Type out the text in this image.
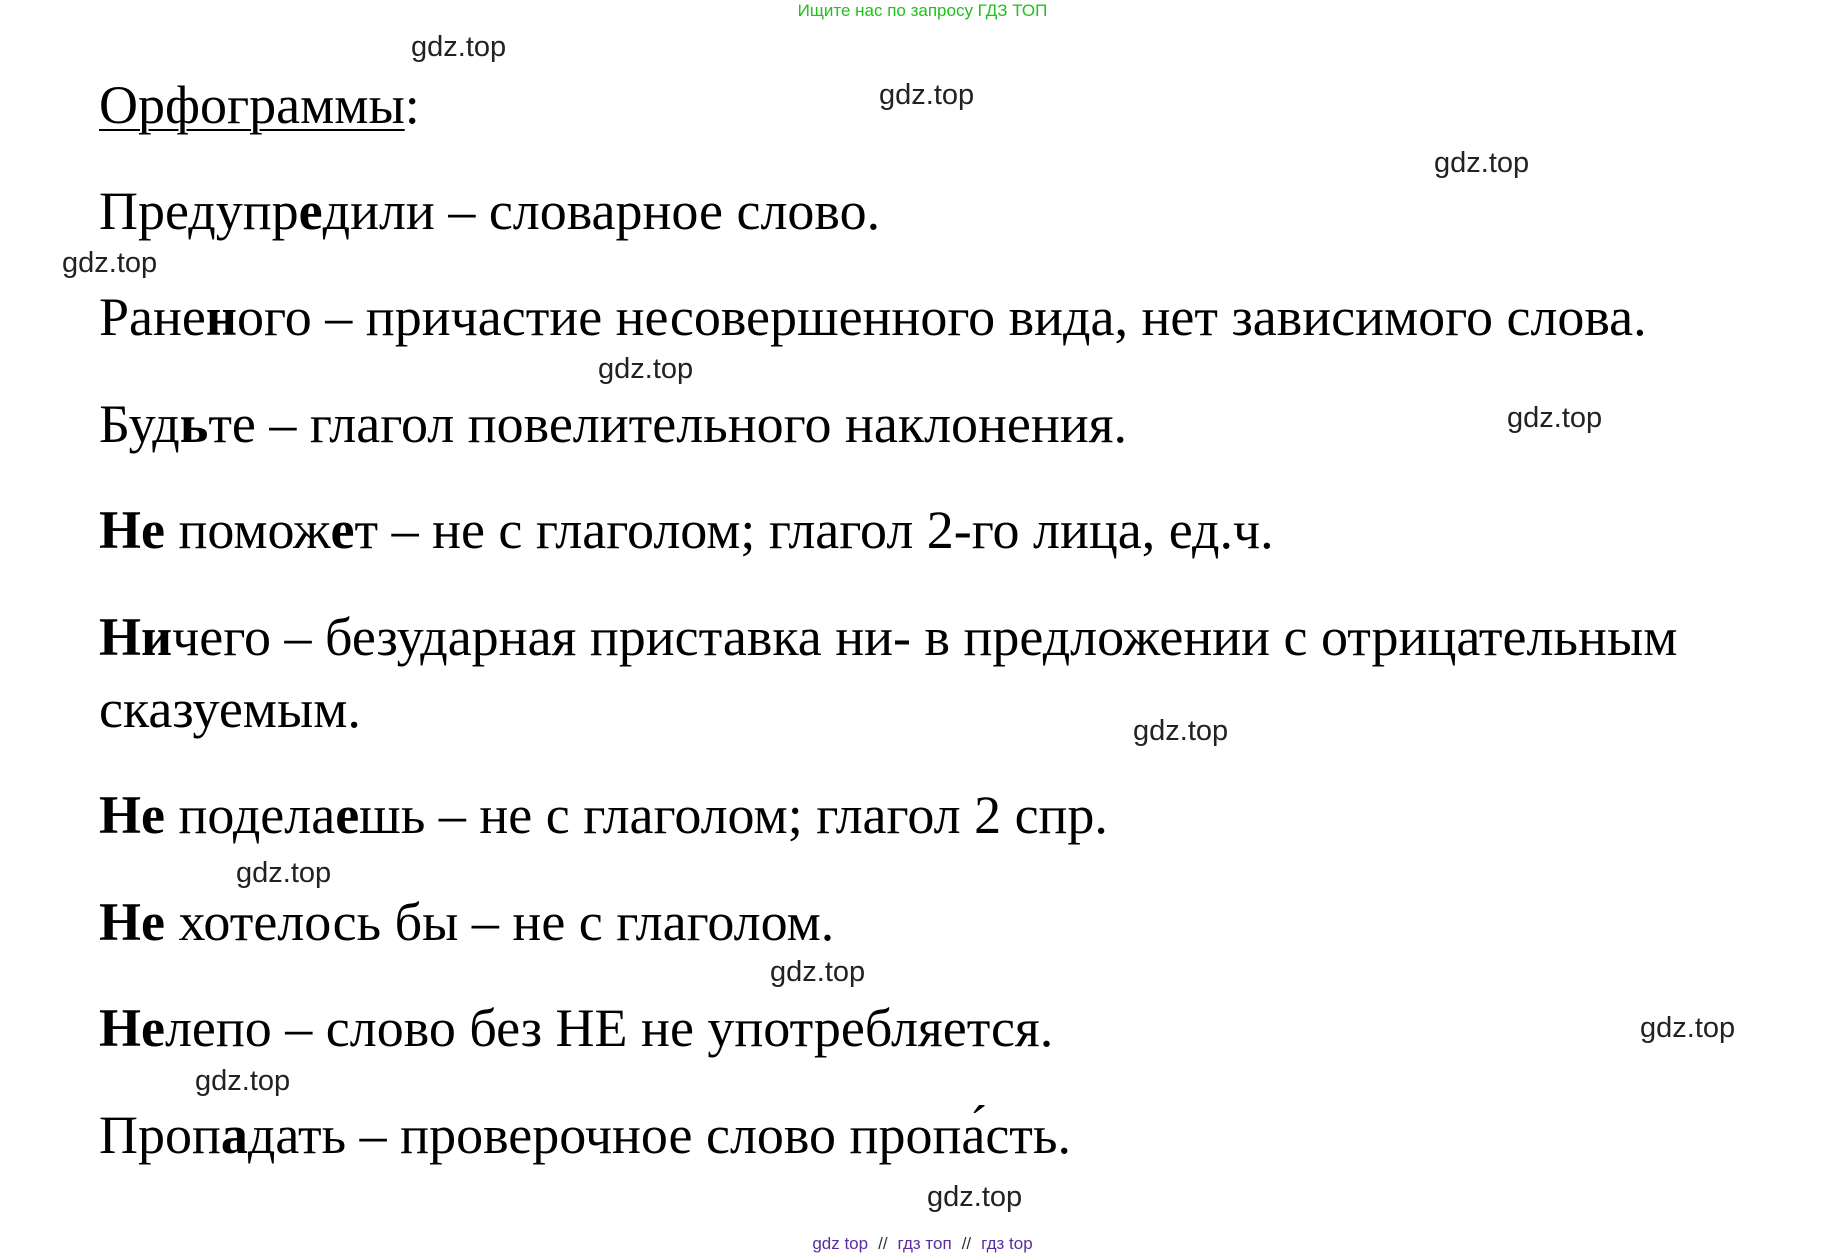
Ищите нас по запросу ГДЗ ТОП
gdz.top
gdz.top
gdz.top
gdz.top
gdz.top
gdz.top
gdz.top
gdz.top
gdz.top
gdz.top
gdz.top
gdz.top
Орфограммы:
Предупредили – словарное слово.
Раненого – причастие несовершенного вида, нет зависимого слова.
Будьте – глагол повелительного наклонения.
Не поможет – не с глаголом; глагол 2-го лица, ед.ч.
Ничего – безударная приставка ни- в предложении с отрицательным
сказуемым.
Не поделаешь – не с глаголом; глагол 2 спр.
Не хотелось бы – не с глаголом.
Нелепо – слово без НЕ не употребляется.
Пропадать – проверочное слово пропа́сть.
gdz top // гдз топ // гдз top
